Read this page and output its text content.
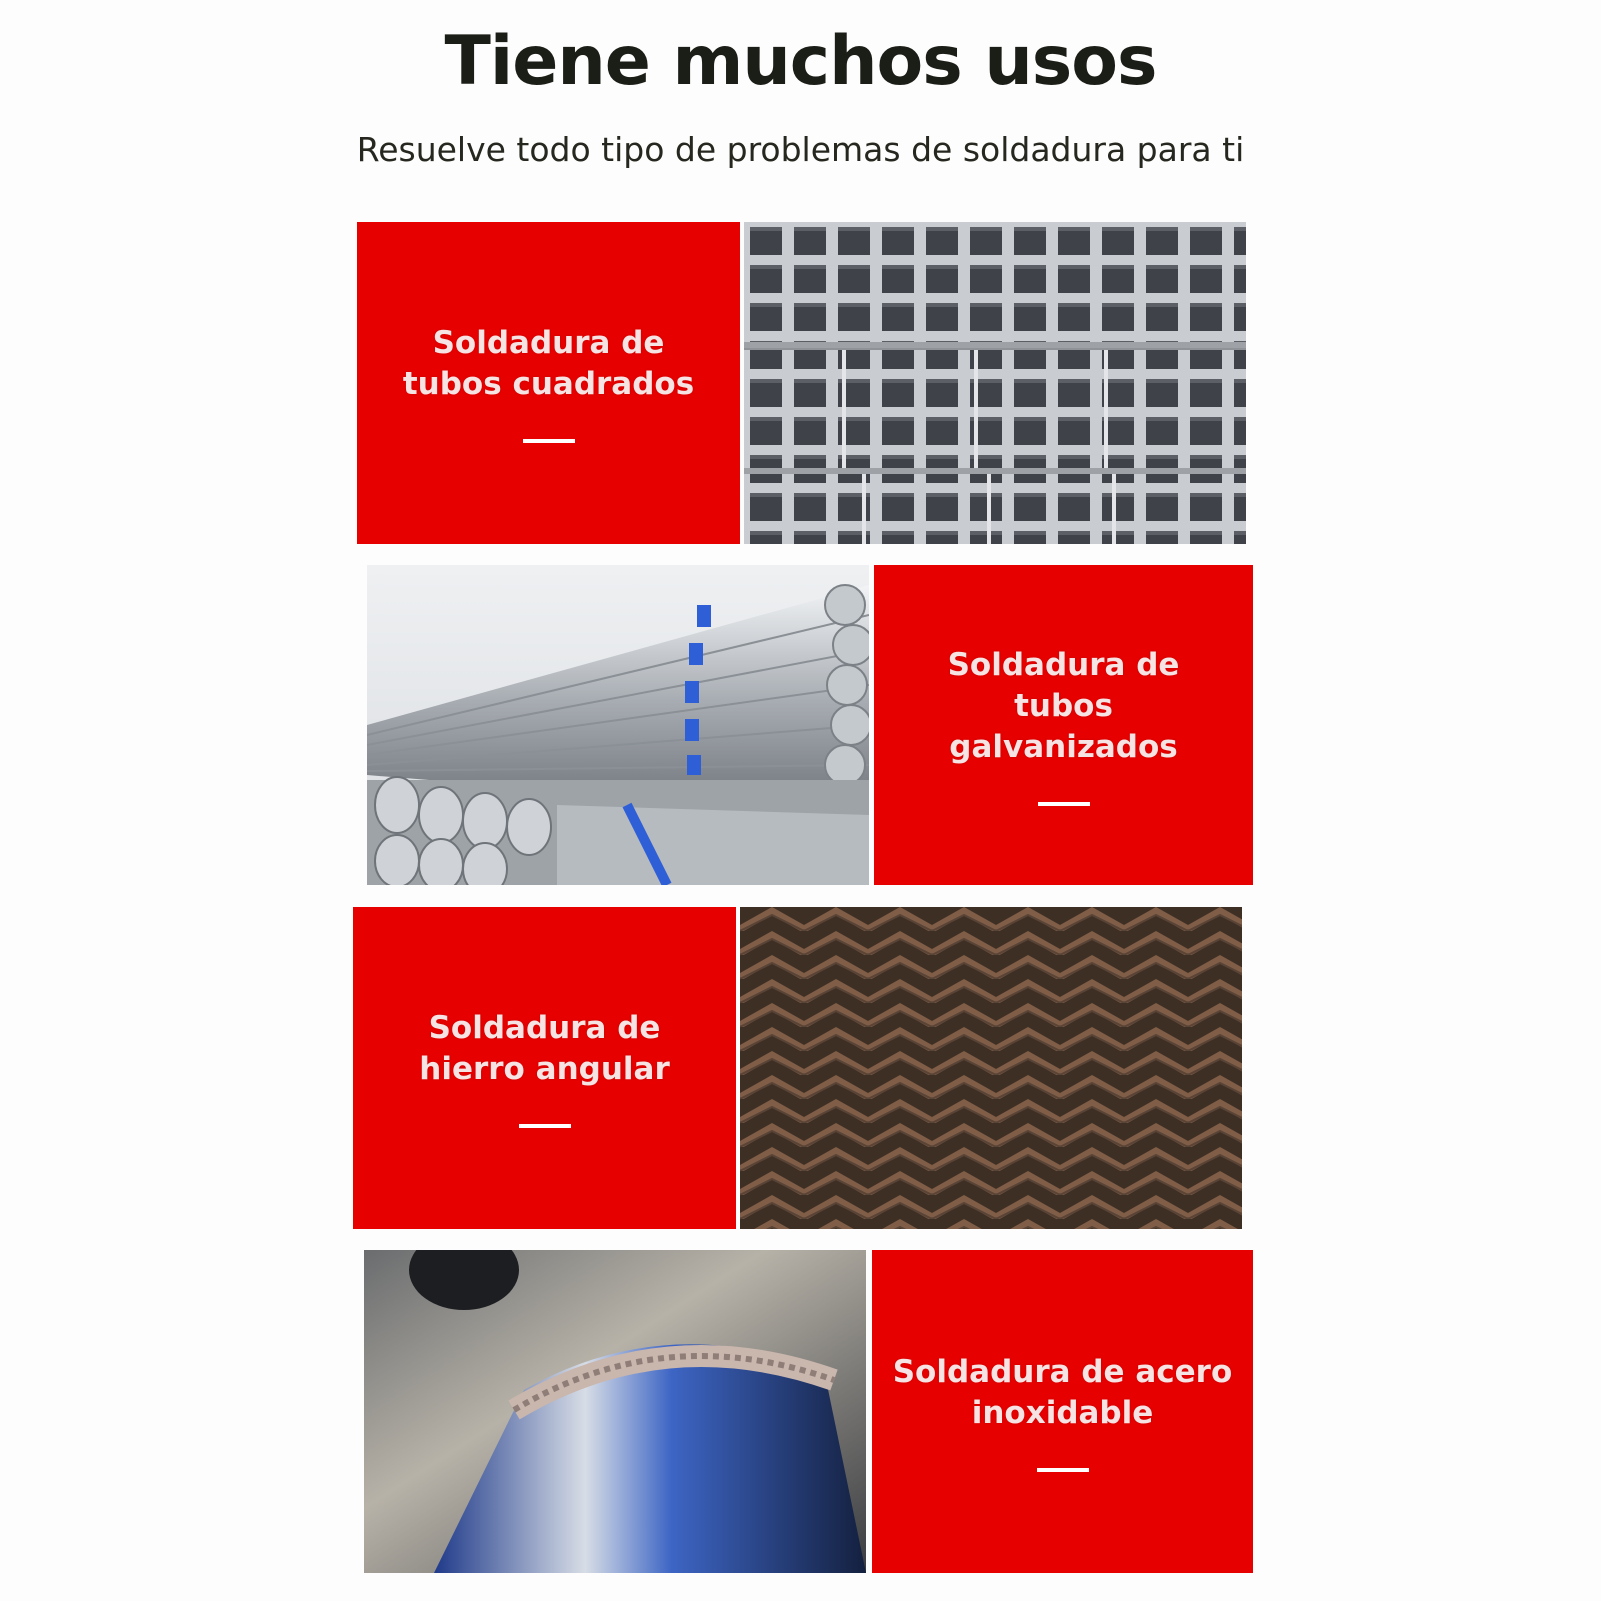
Tiene muchos usos

Resuelve todo tipo de problemas de soldadura para ti

Soldadura de tubos cuadrados
Soldadura de tubos galvanizados
Soldadura de hierro angular
Soldadura de acero inoxidable
